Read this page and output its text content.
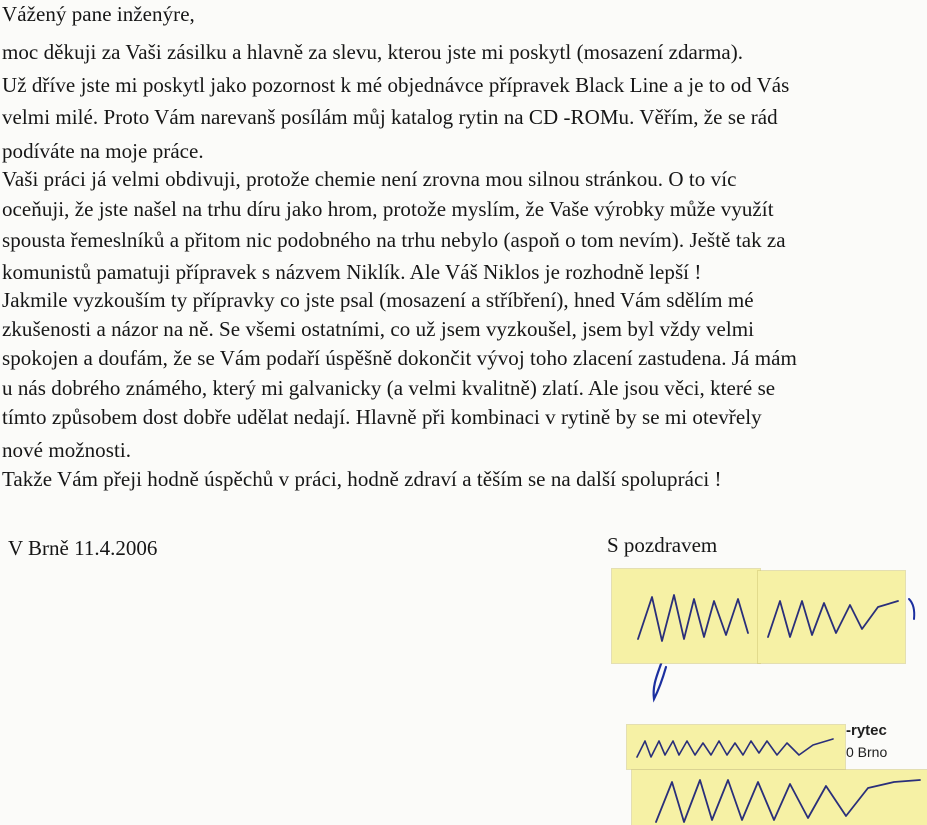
Vážený pane inženýre,
moc děkuji za Vaši zásilku a hlavně za slevu, kterou jste mi poskytl (mosazení zdarma).
Už dříve jste mi poskytl jako pozornost k mé objednávce přípravek Black Line a je to od Vás
velmi milé. Proto Vám narevanš posílám můj katalog rytin na CD -ROMu. Věřím, že se rád
podíváte na moje práce.
Vaši práci já velmi obdivuji, protože chemie není zrovna mou silnou stránkou. O to víc
oceňuji, že jste našel na trhu díru jako hrom, protože myslím, že Vaše výrobky může využít
spousta řemeslníků a přitom nic podobného na trhu nebylo (aspoň o tom nevím). Ještě tak za
komunistů pamatuji přípravek s názvem Niklík. Ale Váš Niklos je rozhodně lepší !
Jakmile vyzkouším ty přípravky co jste psal (mosazení a stříbření), hned Vám sdělím mé
zkušenosti a názor na ně. Se všemi ostatními, co už jsem vyzkoušel, jsem byl vždy velmi
spokojen a doufám, že se Vám podaří úspěšně dokončit vývoj toho zlacení zastudena. Já mám
u nás dobrého známého, který mi galvanicky (a velmi kvalitně) zlatí. Ale jsou věci, které se
tímto způsobem dost dobře udělat nedají. Hlavně při kombinaci v rytině by se mi otevřely
nové možnosti.
Takže Vám přeji hodně úspěchů v práci, hodně zdraví a těším se na další spolupráci !
V Brně 11.4.2006	S pozdravem
-rytec
0 Brno
